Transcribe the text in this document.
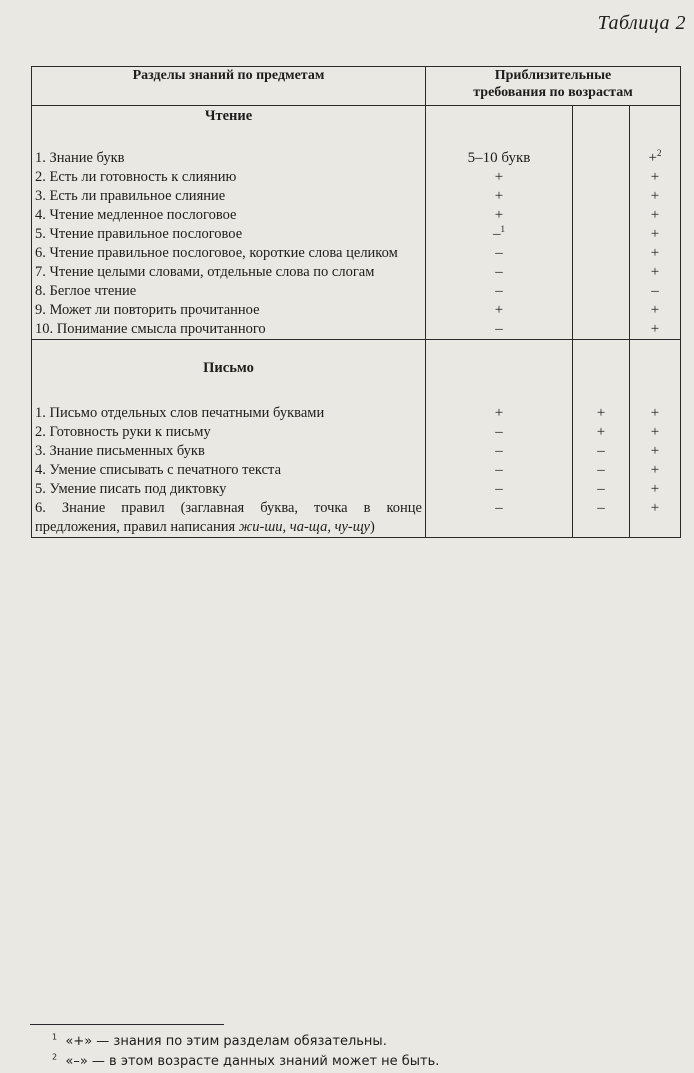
Таблица 2
Разделы знаний по предметам	Приблизительные
требования по возрастам		
Чтение			

1. Знание букв	5–10 букв		+$^2$
2. Есть ли готовность к слиянию	+		+
3. Есть ли правильное слияние	+		+
4. Чтение медленное послоговое	+		+
5. Чтение правильное послоговое	–$^1$		+
6. Чтение правильное послоговое, короткие слова целиком	–		+
7. Чтение целыми словами, отдельные слова по слогам	–		+
8. Беглое чтение	–		–
9. Может ли повторить прочитанное	+		+
10. Понимание смысла прочитанного	–		+
Письмо			

1. Письмо отдельных слов печатными буквами	+	+	+
2. Готовность руки к письму	–	+	+
3. Знание письменных букв	–	–	+
4. Умение списывать с печатного текста	–	–	+
5. Умение писать под диктовку	–	–	+
6. Знание правил (заглавная буква, точка в конце предложения, правил написания жи-ши, ча-ща, чу-щу)	–	–	+
$^1$ «+» — знания по этим разделам обязательны.
$^2$ «–» — в этом возрасте данных знаний может не быть.
